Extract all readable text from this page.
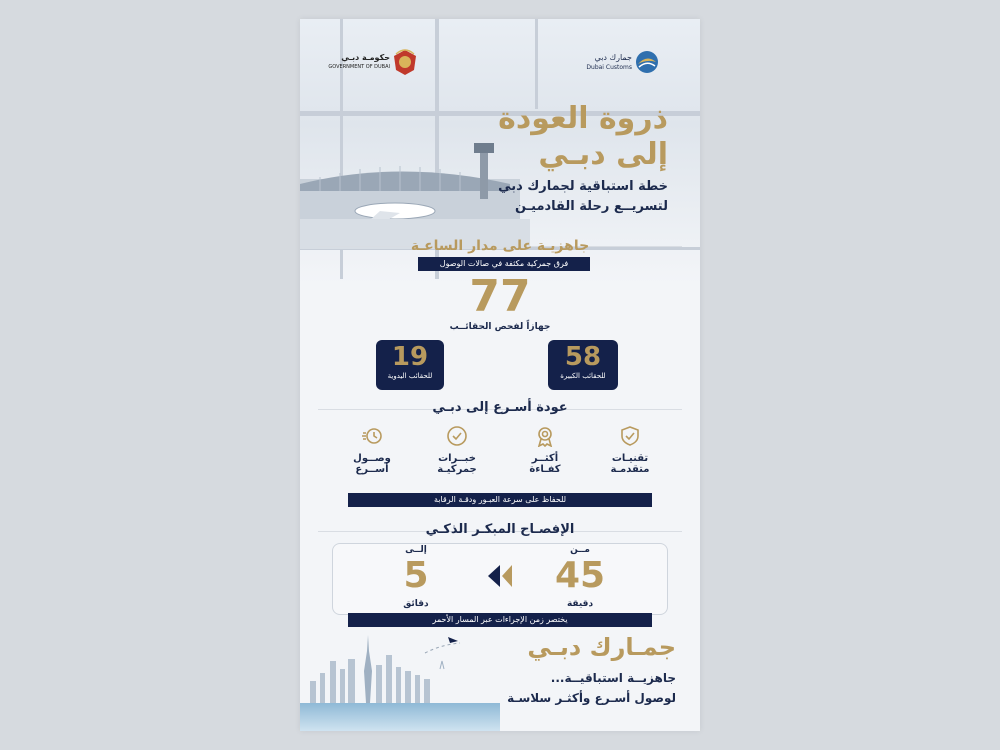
جمارك دبي
Dubai Customs
حكومـة دبـي
GOVERNMENT OF DUBAI
ذروة العودة
إلى دبـي
خطة استباقية لجمارك دبي
لتسريــع رحلة القادميـن
جاهزيـة على مدار الساعـة
فرق جمركية مكثفة في صالات الوصول
77
جهازاً لفحص الحقائــب
58
للحقائب الكبيرة
19
للحقائب اليدوية
عودة أسـرع إلى دبـي
تقنيـات
متقدمـة
أكثــر
كفـاءة
خبــرات
جمركيـة
وصــول
أســرع
للحفاظ على سرعة العبـور ودقـة الرقابة
الإفصـاح المبكـر الذكـي
مــن
45
دقيقة
إلــى
5
دقائق
يختصر زمن الإجراءات عبر المسار الأحمر
جمـارك دبـي
جاهزيــة استباقيــة...
لوصول أسـرع وأكثـر سلاسـة
